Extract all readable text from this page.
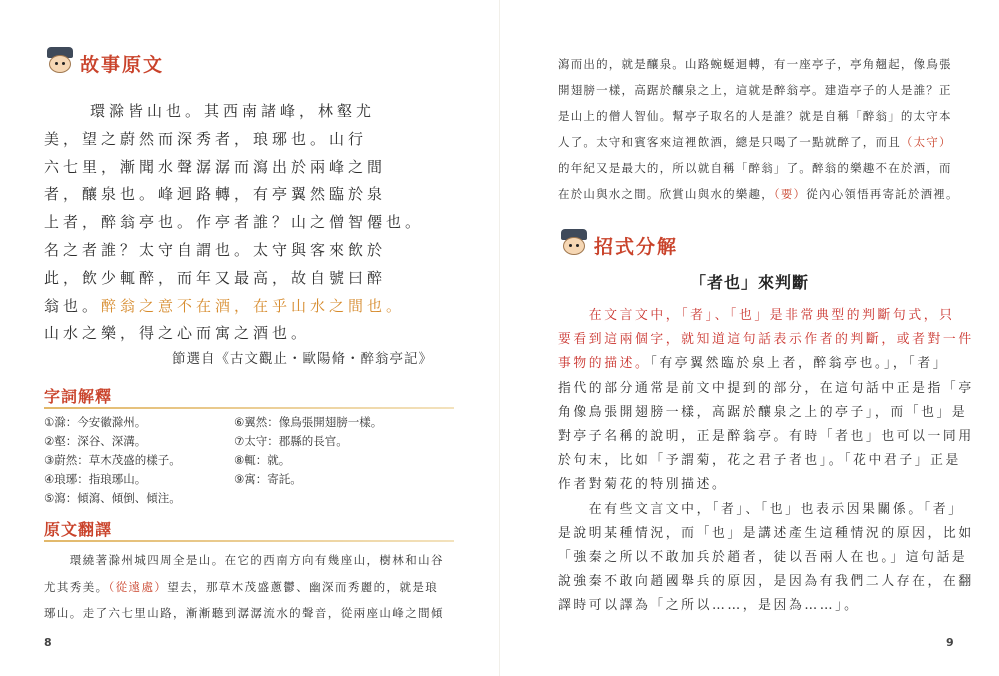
故事原文
環滁皆山也。其西南諸峰，林壑尤
美，望之蔚然而深秀者，琅琊也。山行
六七里，漸聞水聲潺潺而瀉出於兩峰之間
者，釀泉也。峰迴路轉，有亭翼然臨於泉
上者，醉翁亭也。作亭者誰？山之僧智僊也。
名之者誰？太守自謂也。太守與客來飲於
此，飲少輒醉，而年又最高，故自號曰醉
翁也。醉翁之意不在酒，在乎山水之間也。
山水之樂，得之心而寓之酒也。
節選自《古文觀止・歐陽脩・醉翁亭記》
字詞解釋
①滁：今安徽滁州。
②壑：深谷、深溝。
③蔚然：草木茂盛的樣子。
④琅琊：指琅琊山。
⑤瀉：傾瀉、傾倒、傾注。
⑥翼然：像鳥張開翅膀一樣。
⑦太守：郡縣的長官。
⑧輒：就。
⑨寓：寄託。
原文翻譯
　　環繞著滁州城四周全是山。在它的西南方向有幾座山，樹林和山谷
尤其秀美。（從遠處）望去，那草木茂盛蔥鬱、幽深而秀麗的，就是琅
琊山。走了六七里山路，漸漸聽到潺潺流水的聲音，從兩座山峰之間傾
8
瀉而出的，就是釀泉。山路蜿蜒迴轉，有一座亭子，亭角翹起，像鳥張
開翅膀一樣，高踞於釀泉之上，這就是醉翁亭。建造亭子的人是誰？正
是山上的僧人智仙。幫亭子取名的人是誰？就是自稱「醉翁」的太守本
人了。太守和賓客來這裡飲酒，總是只喝了一點就醉了，而且（太守）
的年紀又是最大的，所以就自稱「醉翁」了。醉翁的樂趣不在於酒，而
在於山與水之間。欣賞山與水的樂趣，（要）從內心領悟再寄託於酒裡。
招式分解
「者也」來判斷
　　在文言文中，「者」、「也」是非常典型的判斷句式，只
要看到這兩個字，就知道這句話表示作者的判斷，或者對一件
事物的描述。「有亭翼然臨於泉上者，醉翁亭也。」，「者」
指代的部分通常是前文中提到的部分，在這句話中正是指「亭
角像鳥張開翅膀一樣，高踞於釀泉之上的亭子」，而「也」是
對亭子名稱的說明，正是醉翁亭。有時「者也」也可以一同用
於句末，比如「予謂菊，花之君子者也」。「花中君子」正是
作者對菊花的特別描述。
　　在有些文言文中，「者」、「也」也表示因果關係。「者」
是說明某種情況，而「也」是講述產生這種情況的原因，比如
「強秦之所以不敢加兵於趙者，徒以吾兩人在也。」這句話是
說強秦不敢向趙國舉兵的原因，是因為有我們二人存在，在翻
譯時可以譯為「之所以……，是因為……」。
9
